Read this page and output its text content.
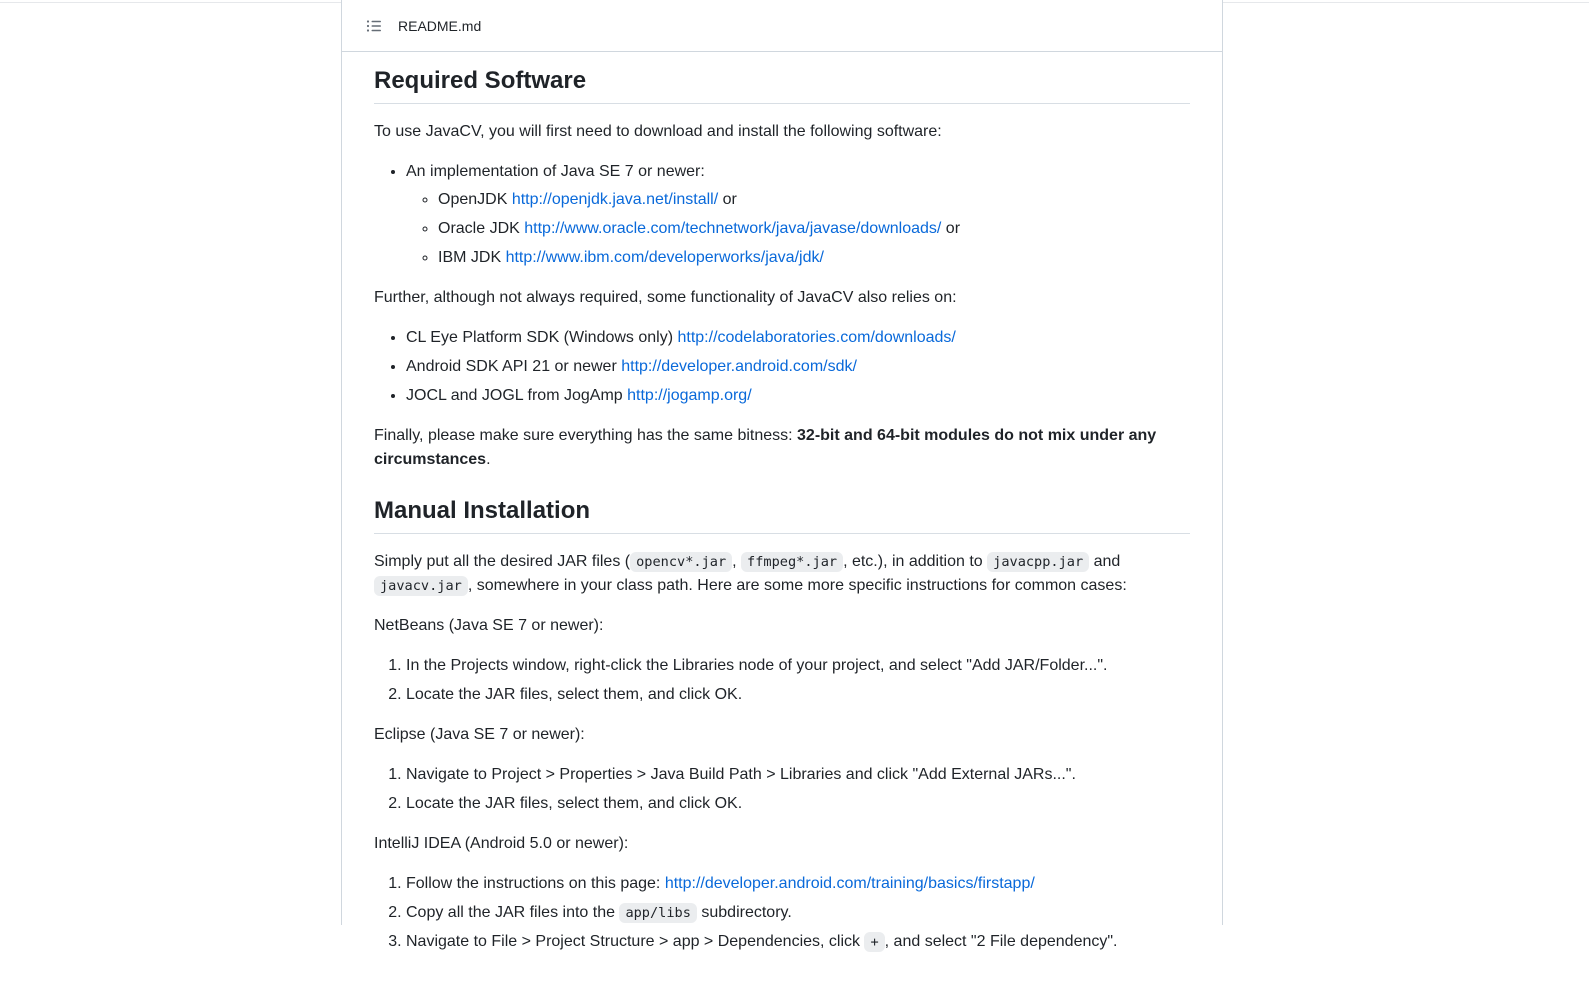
README.md
Required Software

To use JavaCV, you will first need to download and install the following software:

• An implementation of Java SE 7 or newer:
◦ OpenJDK http://openjdk.java.net/install/ or
◦ Oracle JDK http://www.oracle.com/technetwork/java/javase/downloads/ or
◦ IBM JDK http://www.ibm.com/developerworks/java/jdk/

Further, although not always required, some functionality of JavaCV also relies on:

• CL Eye Platform SDK (Windows only) http://codelaboratories.com/downloads/
• Android SDK API 21 or newer http://developer.android.com/sdk/
• JOCL and JOGL from JogAmp http://jogamp.org/

Finally, please make sure everything has the same bitness: 32-bit and 64-bit modules do not mix under any circumstances.

Manual Installation

Simply put all the desired JAR files ( opencv*.jar , ffmpeg*.jar , etc.), in addition to javacpp.jar and javacv.jar , somewhere in your class path. Here are some more specific instructions for common cases:

NetBeans (Java SE 7 or newer):

1. In the Projects window, right-click the Libraries node of your project, and select "Add JAR/Folder...".
2. Locate the JAR files, select them, and click OK.

Eclipse (Java SE 7 or newer):

1. Navigate to Project > Properties > Java Build Path > Libraries and click "Add External JARs...".
2. Locate the JAR files, select them, and click OK.

IntelliJ IDEA (Android 5.0 or newer):

1. Follow the instructions on this page: http://developer.android.com/training/basics/firstapp/
2. Copy all the JAR files into the app/libs subdirectory.
3. Navigate to File > Project Structure > app > Dependencies, click + , and select "2 File dependency".
